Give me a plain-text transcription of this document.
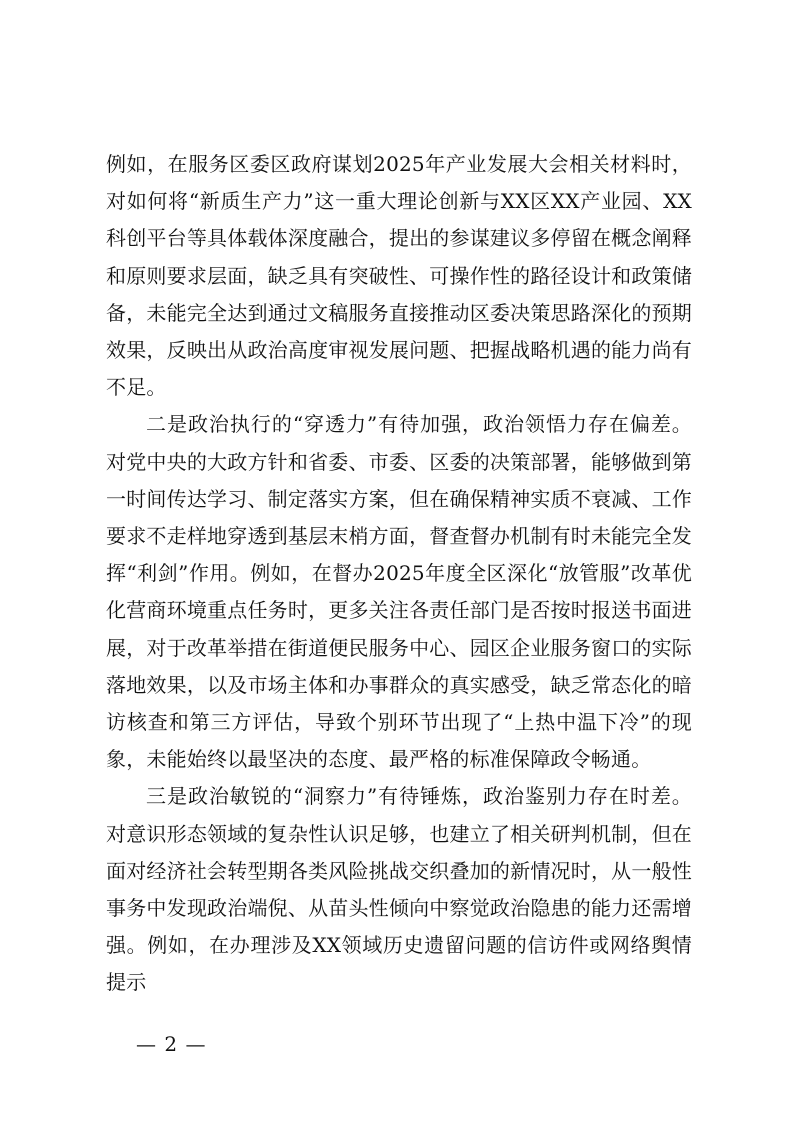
例如，在服务区委区政府谋划2025年产业发展大会相关材料时，对如何将“新质生产力”这一重大理论创新与XX区XX产业园、XX科创平台等具体载体深度融合，提出的参谋建议多停留在概念阐释和原则要求层面，缺乏具有突破性、可操作性的路径设计和政策储备，未能完全达到通过文稿服务直接推动区委决策思路深化的预期效果，反映出从政治高度审视发展问题、把握战略机遇的能力尚有不足。

二是政治执行的“穿透力”有待加强，政治领悟力存在偏差。对党中央的大政方针和省委、市委、区委的决策部署，能够做到第一时间传达学习、制定落实方案，但在确保精神实质不衰减、工作要求不走样地穿透到基层末梢方面，督查督办机制有时未能完全发挥“利剑”作用。例如，在督办2025年度全区深化“放管服”改革优化营商环境重点任务时，更多关注各责任部门是否按时报送书面进展，对于改革举措在街道便民服务中心、园区企业服务窗口的实际落地效果，以及市场主体和办事群众的真实感受，缺乏常态化的暗访核查和第三方评估，导致个别环节出现了“上热中温下冷”的现象，未能始终以最坚决的态度、最严格的标准保障政令畅通。

三是政治敏锐的“洞察力”有待锤炼，政治鉴别力存在时差。对意识形态领域的复杂性认识足够，也建立了相关研判机制，但在面对经济社会转型期各类风险挑战交织叠加的新情况时，从一般性事务中发现政治端倪、从苗头性倾向中察觉政治隐患的能力还需增强。例如，在办理涉及XX领域历史遗留问题的信访件或网络舆情提示

— 2 —
